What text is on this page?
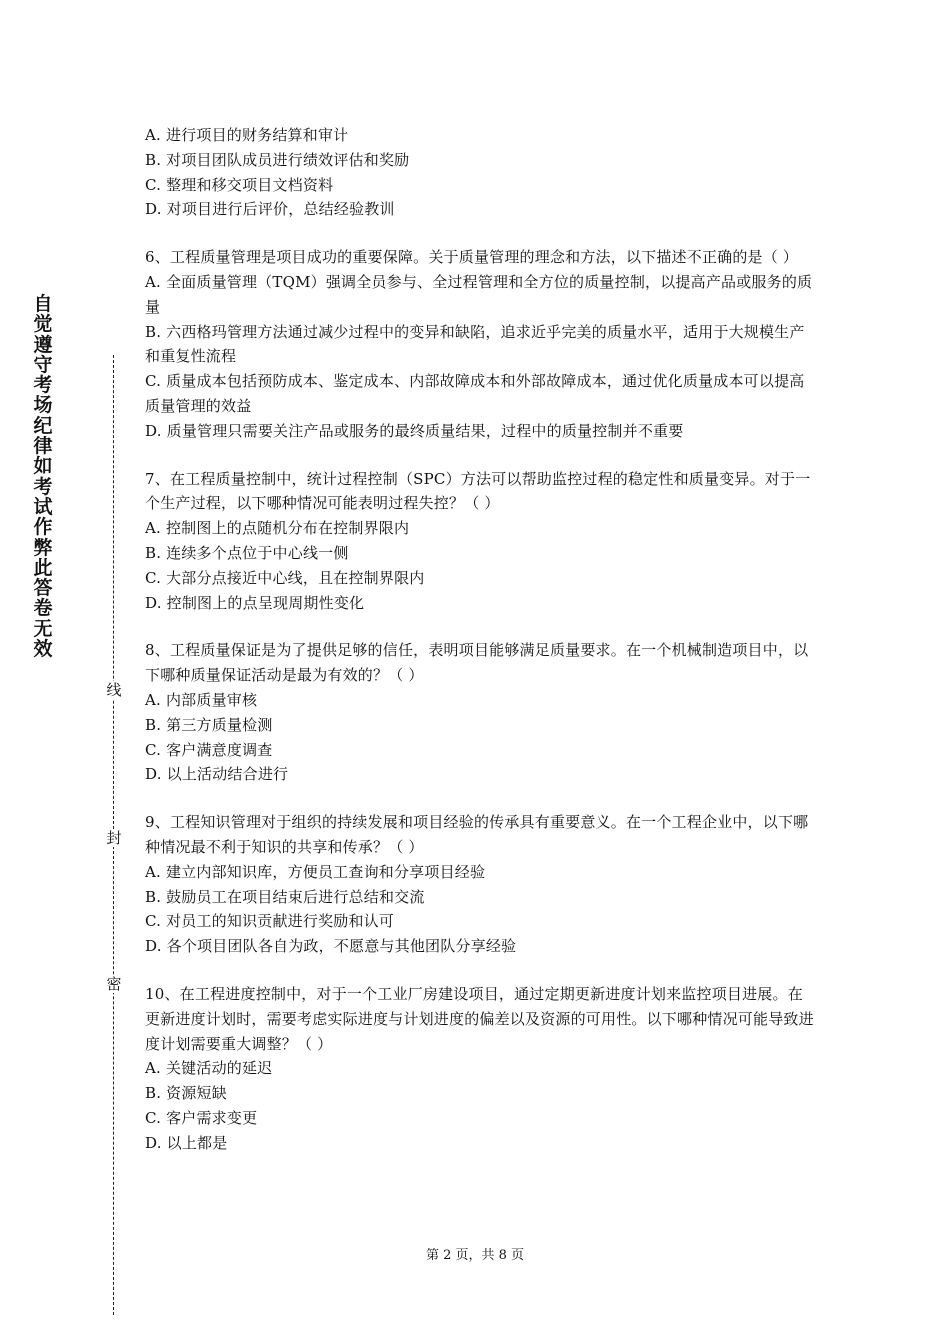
自觉遵守考场纪律如考试作弊此答卷无效
线
封
密

A. 进行项目的财务结算和审计

B. 对项目团队成员进行绩效评估和奖励

C. 整理和移交项目文档资料

D. 对项目进行后评价，总结经验教训

6、工程质量管理是项目成功的重要保障。关于质量管理的理念和方法，以下描述不正确的是（ ）

A. 全面质量管理（TQM）强调全员参与、全过程管理和全方位的质量控制，以提高产品或服务的质量

B. 六西格玛管理方法通过减少过程中的变异和缺陷，追求近乎完美的质量水平，适用于大规模生产和重复性流程

C. 质量成本包括预防成本、鉴定成本、内部故障成本和外部故障成本，通过优化质量成本可以提高质量管理的效益

D. 质量管理只需要关注产品或服务的最终质量结果，过程中的质量控制并不重要

7、在工程质量控制中，统计过程控制（SPC）方法可以帮助监控过程的稳定性和质量变异。对于一个生产过程，以下哪种情况可能表明过程失控？（ ）

A. 控制图上的点随机分布在控制界限内

B. 连续多个点位于中心线一侧

C. 大部分点接近中心线，且在控制界限内

D. 控制图上的点呈现周期性变化

8、工程质量保证是为了提供足够的信任，表明项目能够满足质量要求。在一个机械制造项目中，以下哪种质量保证活动是最为有效的？（ ）

A. 内部质量审核

B. 第三方质量检测

C. 客户满意度调查

D. 以上活动结合进行

9、工程知识管理对于组织的持续发展和项目经验的传承具有重要意义。在一个工程企业中，以下哪种情况最不利于知识的共享和传承？（ ）

A. 建立内部知识库，方便员工查询和分享项目经验

B. 鼓励员工在项目结束后进行总结和交流

C. 对员工的知识贡献进行奖励和认可

D. 各个项目团队各自为政，不愿意与其他团队分享经验

10、在工程进度控制中，对于一个工业厂房建设项目，通过定期更新进度计划来监控项目进展。在更新进度计划时，需要考虑实际进度与计划进度的偏差以及资源的可用性。以下哪种情况可能导致进度计划需要重大调整？（ ）

A. 关键活动的延迟

B. 资源短缺

C. 客户需求变更

D. 以上都是

第 2 页，共 8 页
